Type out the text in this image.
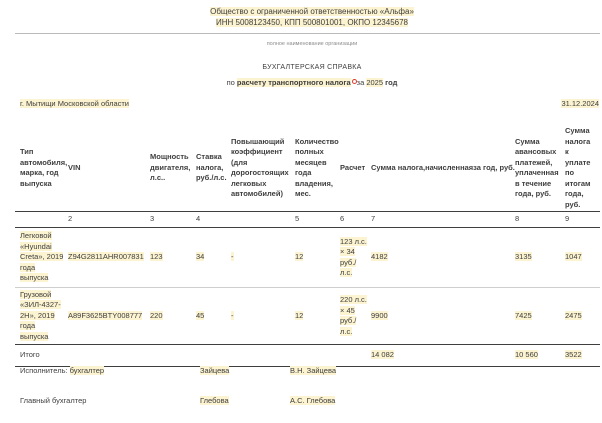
Общество с ограниченной ответственностью «Альфа»
ИНН 5008123450, КПП 500801001, ОКПО 12345678
полное наименование организации
БУХГАЛТЕРСКАЯ СПРАВКА
по расчету транспортного налога за 2025 год
г. Мытищи Московской области	31.12.2024
Тип автомобиля, марка, год выпуска	VIN	Мощность двигателя, л.с..	Ставка налога, руб./л.с.	Повышающий коэффициент (для дорогостоящих легковых автомобилей)	Количество полных месяцев года владения, мес.	Расчет	Сумма налога,начисленнаяза год, руб.	Сумма авансовых платежей, уплаченная в течение года, руб.	Сумма налога к уплате по итогам года, руб.
	2	3	4		5	6	7	8	9
Легковой «Hyundai Creta», 2019 года выпуска	Z94G2811AHR007831	123	34	-	12	123 л.с. × 34 руб./ л.с.	4182	3135	1047
Грузовой «ЗИЛ-4327-2Н», 2019 года выпуска	A89F3625BTY008777	220	45	-	12	220 л.с. × 45 руб./ л.с.	9900	7425	2475
Итого							14 082	10 560	3522
Исполнитель: бухгалтер	Зайцева	В.Н. Зайцева
Главный бухгалтер	Глебова	А.С. Глебова
